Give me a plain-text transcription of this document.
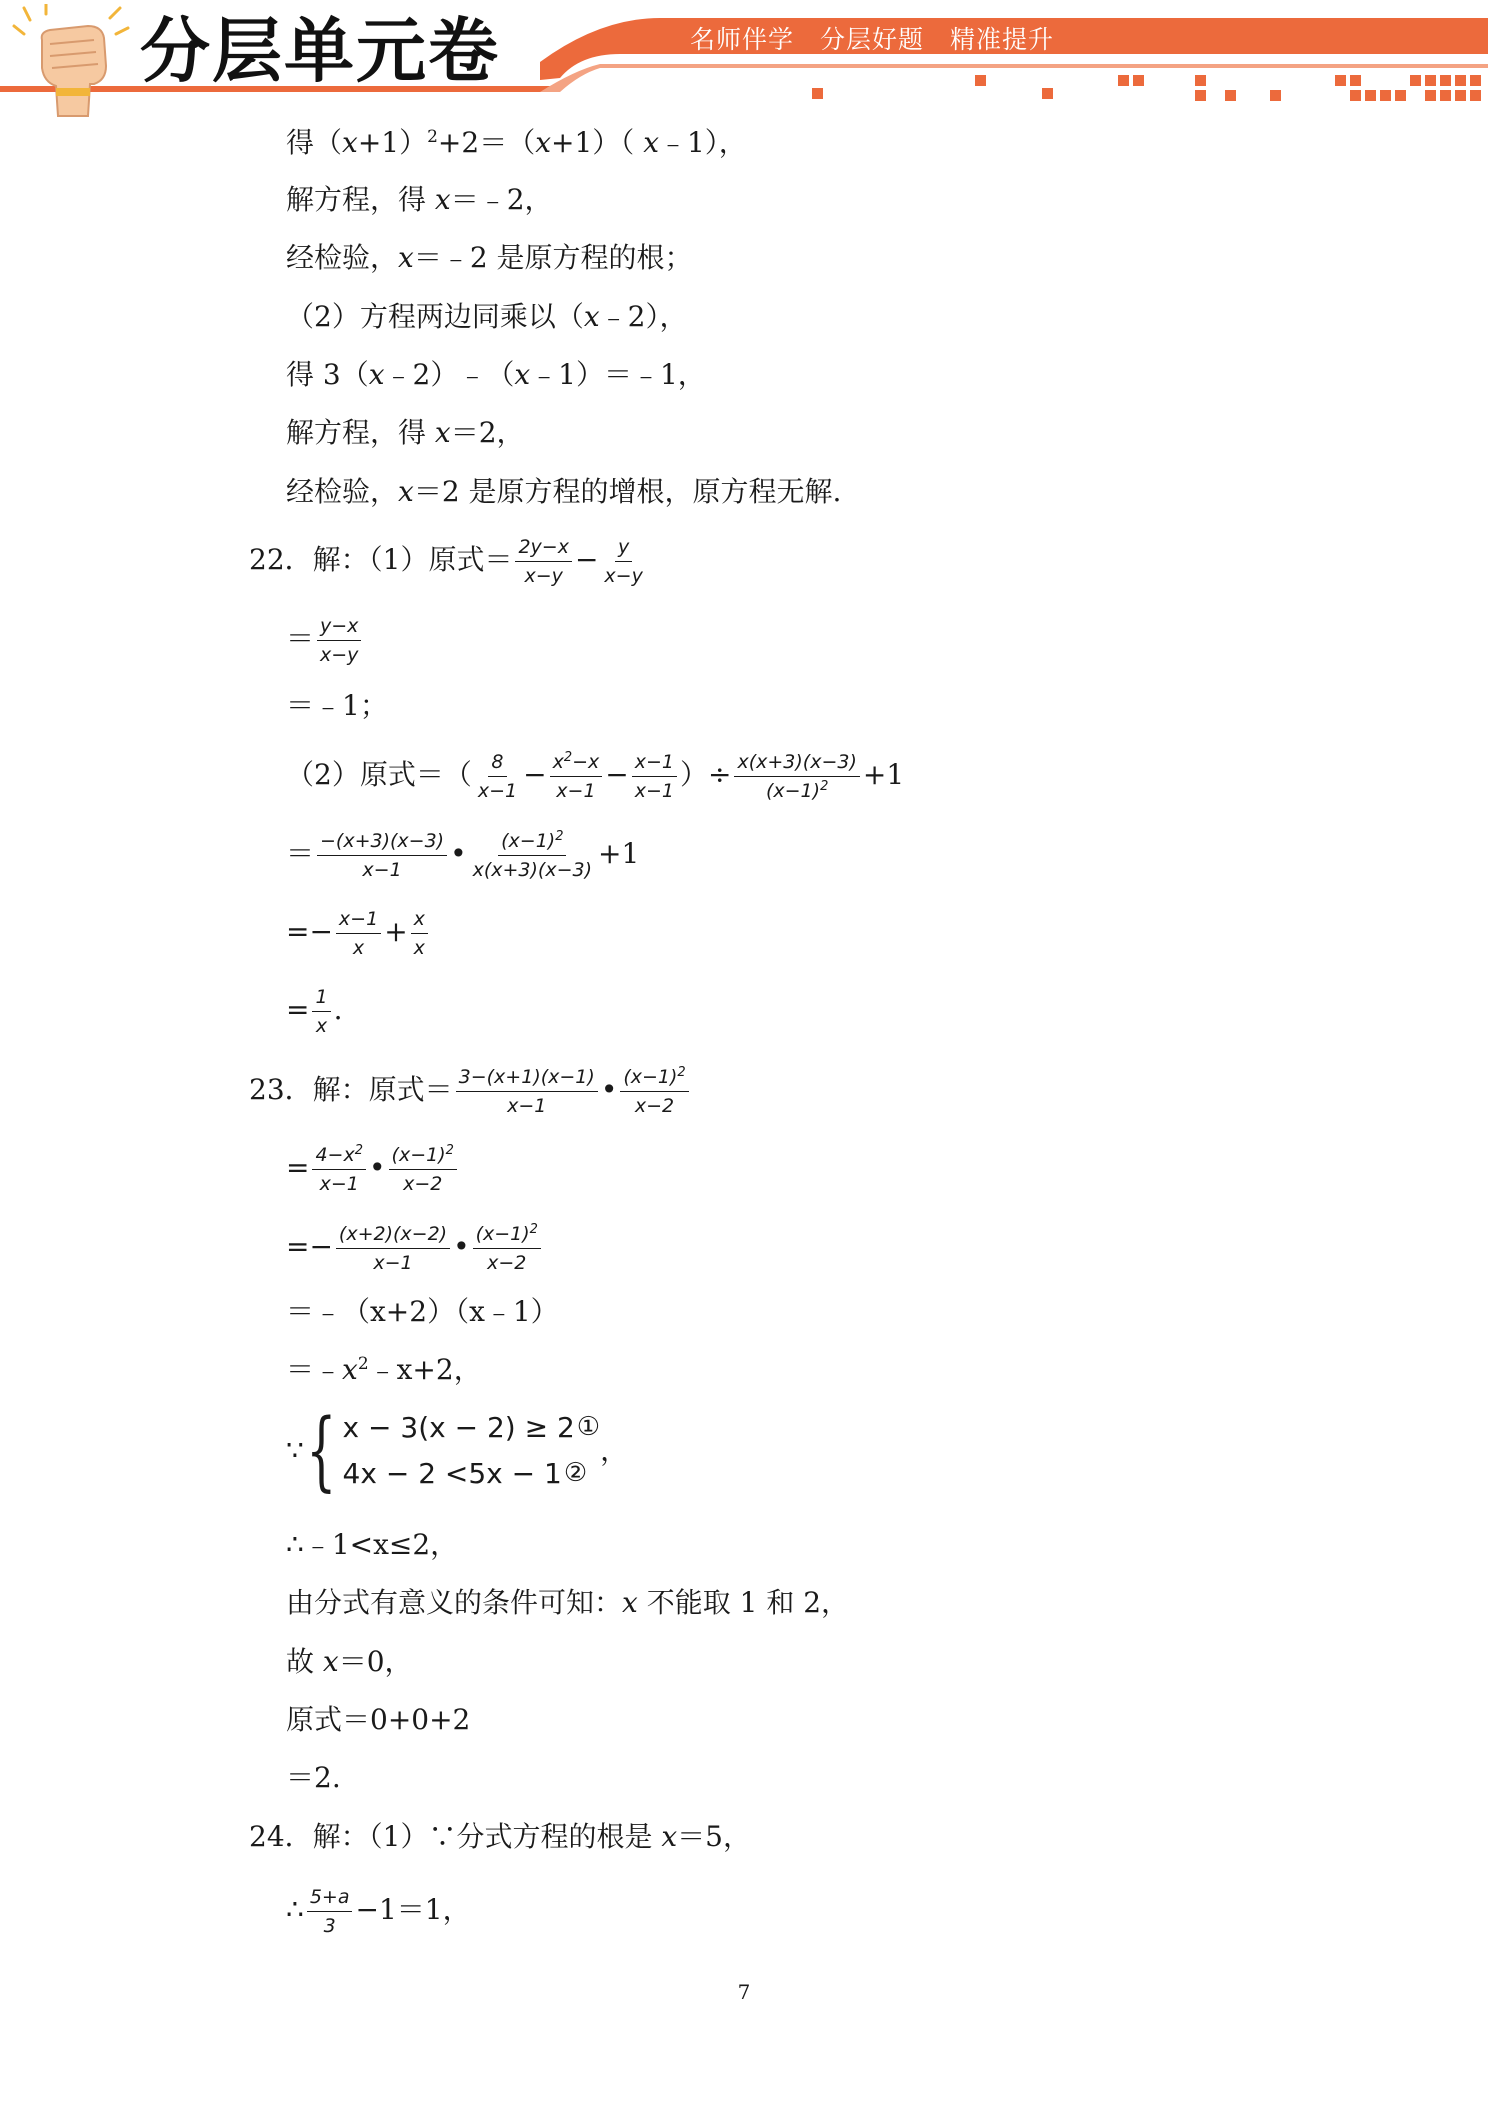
分层单元卷	名师伴学　分层好题　精准提升
得$(x+1)^2+2=(x+1)$（ x﹣1），
解方程，得 x＝﹣2，
经检验，x＝﹣2 是原方程的根；
（2）方程两边同乘以（x﹣2），
得 3（x﹣2）﹣（x﹣1）＝﹣1，
解方程，得 x＝2，
经检验，x＝2 是原方程的增根，原方程无解.
22．解：（1）原式＝ $\frac{2y-x}{x-y} - \frac{y}{x-y}$
＝ $\frac{y-x}{x-y}$
＝﹣1；
（2）原式＝（ $\frac{8}{x-1} - \frac{x^2-x}{x-1} - \frac{x-1}{x-1}$ ）÷ $\frac{x(x+3)(x-3)}{(x-1)^2} +1$
＝ $\frac{-(x+3)(x-3)}{x-1}$ • $\frac{(x-1)^2}{x(x+3)(x-3)} +1$
=− $\frac{x-1}{x} + \frac{x}{x}$
= $\frac{1}{x}$ .
23．解：原式＝ $\frac{3-(x+1)(x-1)}{x-1}$ • $\frac{(x-1)^2}{x-2}$
= $\frac{4-x^2}{x-1}$ • $\frac{(x-1)^2}{x-2}$
=− $\frac{(x+2)(x-2)}{x-1}$ • $\frac{(x-1)^2}{x-2}$
＝﹣（x+2）（x﹣1）
$=﹣x^2﹣x+2$，
∵ { x − 3(x − 2) ≥ 2①
4x − 2 <5x − 1②
，
∴﹣1<x≤2，
由分式有意义的条件可知：x 不能取 1 和 2，
故 x＝0，
原式＝0+0+2
＝2.
24．解：（1）∵分式方程的根是 x＝5，
∴ $\frac{5+a}{3} -1=1$，
7
